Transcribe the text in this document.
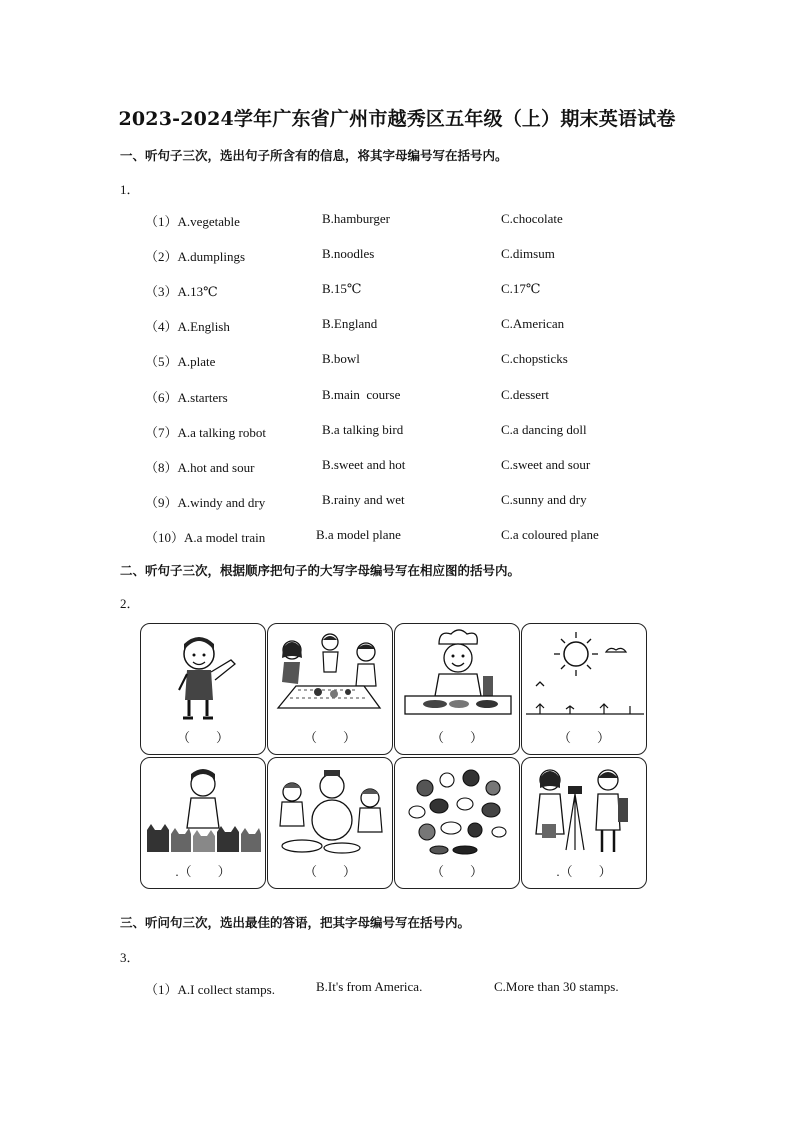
2023-2024学年广东省广州市越秀区五年级（上）期末英语试卷
一、听句子三次，选出句子所含有的信息，将其字母编号写在括号内。
1．
（1）A.vegetable	B.hamburger	C.chocolate
（2）A.dumplings	B.noodles	C.dimsum
（3）A.13℃	B.15℃	C.17℃
（4）A.English	B.England	C.American
（5）A.plate	B.bowl	C.chopsticks
（6）A.starters	B.main  course	C.dessert
（7）A.a talking robot	B.a talking bird	C.a dancing doll
（8）A.hot and sour	B.sweet and hot	C.sweet and sour
（9）A.windy and dry	B.rainy and wet	C.sunny and dry
（10）A.a model train	B.a model plane	C.a coloured plane
二、听句子三次，根据顺序把句子的大写字母编号写在相应图的括号内。
2．
（　　）	（　　）	（　　）	（　　）
.（　　）	（　　）	（　　）	.（　　）
三、听问句三次，选出最佳的答语，把其字母编号写在括号内。
3．
（1）A.I collect stamps.	B.It's from America.	C.More than 30 stamps.
